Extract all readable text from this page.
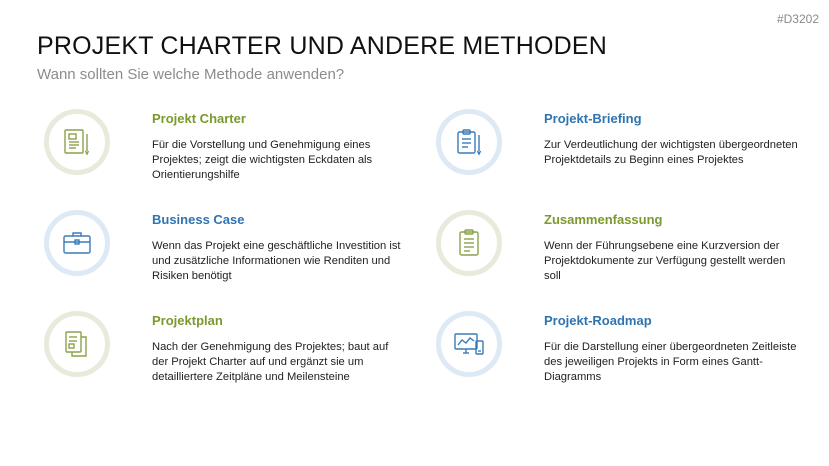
#D3202
PROJEKT CHARTER UND ANDERE METHODEN
Wann sollten Sie welche Methode anwenden?
Projekt Charter
Für die Vorstellung und Genehmigung eines Projektes; zeigt die wichtigsten Eckdaten als Orientierungshilfe
Projekt-Briefing
Zur Verdeutlichung der wichtigsten übergeordneten Projektdetails zu Beginn eines Projektes
Business Case
Wenn das Projekt eine geschäftliche Investition ist und zusätzliche Informationen wie Renditen und Risiken benötigt
Zusammenfassung
Wenn der Führungsebene eine Kurzversion der Projektdokumente zur Verfügung gestellt werden soll
Projektplan
Nach der Genehmigung des Projektes; baut auf der Projekt Charter auf und ergänzt sie um detailliertere Zeitpläne und Meilensteine
Projekt-Roadmap
Für die Darstellung einer übergeordneten Zeitleiste des jeweiligen Projekts in Form eines Gantt-Diagramms
